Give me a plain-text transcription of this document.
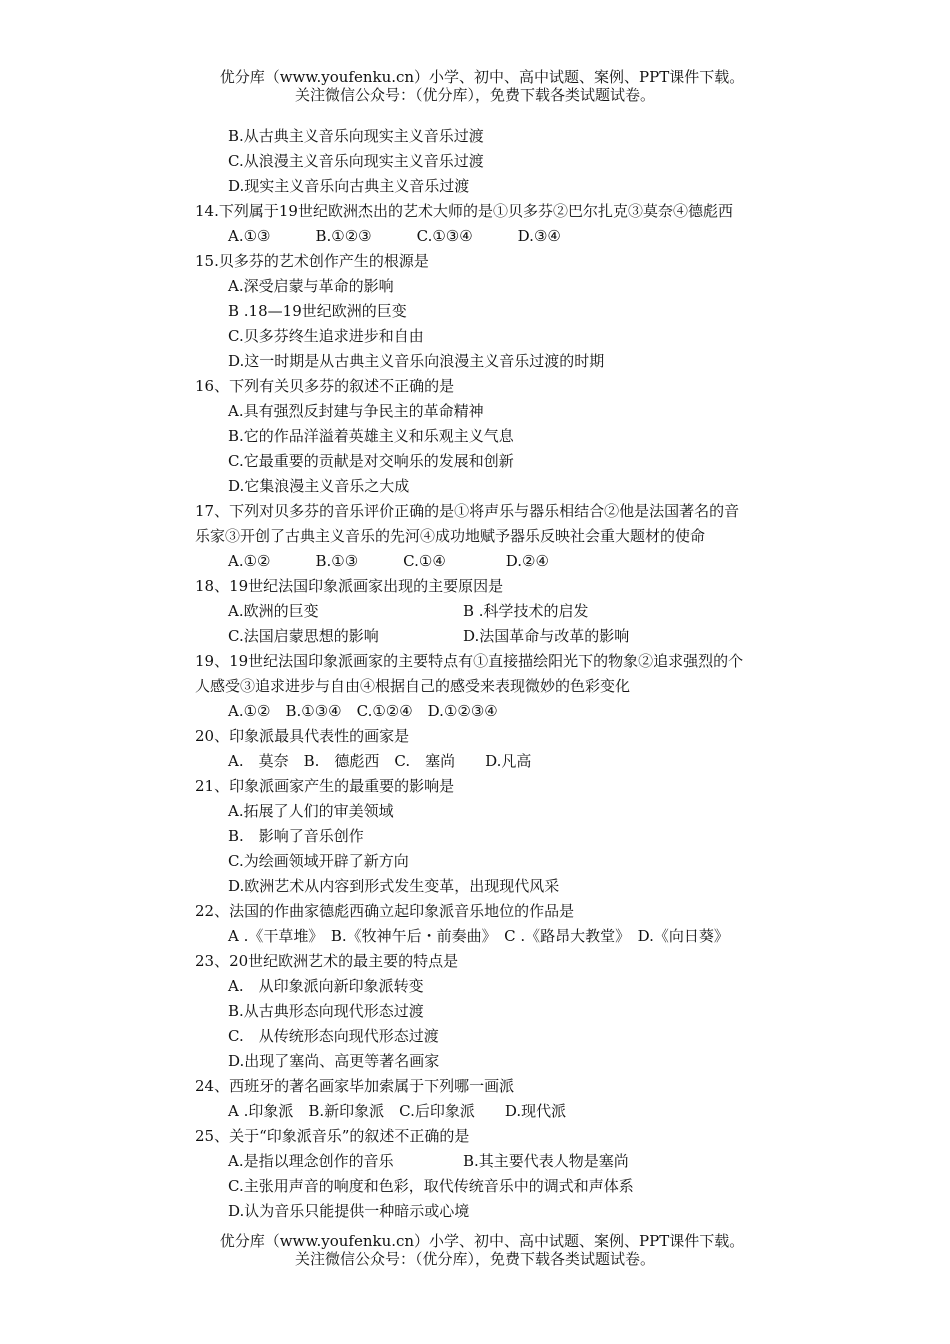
优分库（www.youfenku.cn）小学、初中、高中试题、案例、PPT课件下载。
关注微信公众号：（优分库），免费下载各类试题试卷。
B.从古典主义音乐向现实主义音乐过渡
C.从浪漫主义音乐向现实主义音乐过渡
D.现实主义音乐向古典主义音乐过渡
14.下列属于19世纪欧洲杰出的艺术大师的是①贝多芬②巴尔扎克③莫奈④德彪西
A.①③　　　B.①②③　　　C.①③④　　　D.③④
15.贝多芬的艺术创作产生的根源是
A.深受启蒙与革命的影响
B .18—19世纪欧洲的巨变
C.贝多芬终生追求进步和自由
D.这一时期是从古典主义音乐向浪漫主义音乐过渡的时期
16、下列有关贝多芬的叙述不正确的是
A.具有强烈反封建与争民主的革命精神
B.它的作品洋溢着英雄主义和乐观主义气息
C.它最重要的贡献是对交响乐的发展和创新
D.它集浪漫主义音乐之大成
17、下列对贝多芬的音乐评价正确的是①将声乐与器乐相结合②他是法国著名的音
乐家③开创了古典主义音乐的先河④成功地赋予器乐反映社会重大题材的使命
A.①②　　　B.①③　　　C.①④　　　　D.②④
18、19世纪法国印象派画家出现的主要原因是
A.欧洲的巨变	B .科学技术的启发
C.法国启蒙思想的影响	D.法国革命与改革的影响
19、19世纪法国印象派画家的主要特点有①直接描绘阳光下的物象②追求强烈的个
人感受③追求进步与自由④根据自己的感受来表现微妙的色彩变化
A.①②　B.①③④　C.①②④　D.①②③④
20、印象派最具代表性的画家是
A.　莫奈　B.　德彪西　C.　塞尚　　D.凡高
21、印象派画家产生的最重要的影响是
A.拓展了人们的审美领域
B.　影响了音乐创作
C.为绘画领域开辟了新方向
D.欧洲艺术从内容到形式发生变革，出现现代风采
22、法国的作曲家德彪西确立起印象派音乐地位的作品是
A .《干草堆》　B.《牧神午后・前奏曲》　C .《路昂大教堂》　D.《向日葵》
23、20世纪欧洲艺术的最主要的特点是
A.　从印象派向新印象派转变
B.从古典形态向现代形态过渡
C.　从传统形态向现代形态过渡
D.出现了塞尚、高更等著名画家
24、西班牙的著名画家毕加索属于下列哪一画派
A .印象派　B.新印象派　C.后印象派　　D.现代派
25、关于“印象派音乐”的叙述不正确的是
A.是指以理念创作的音乐	B.其主要代表人物是塞尚
C.主张用声音的响度和色彩，取代传统音乐中的调式和声体系
D.认为音乐只能提供一种暗示或心境
优分库（www.youfenku.cn）小学、初中、高中试题、案例、PPT课件下载。
关注微信公众号：（优分库），免费下载各类试题试卷。
